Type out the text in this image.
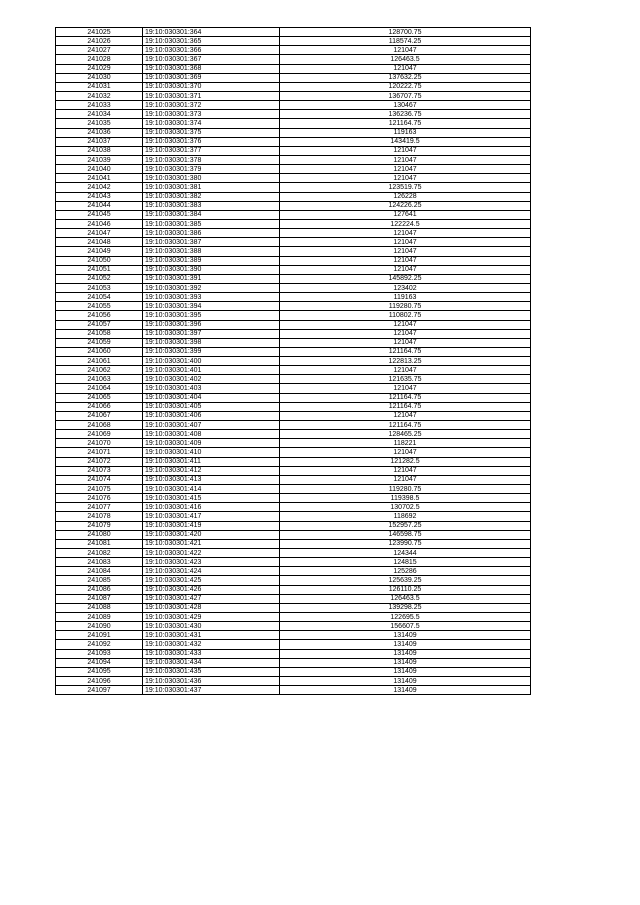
241025	19:10:030301:364	128700.75
241026	19:10:030301:365	118574.25
241027	19:10:030301:366	121047
241028	19:10:030301:367	126463.5
241029	19:10:030301:368	121047
241030	19:10:030301:369	137632.25
241031	19:10:030301:370	120222.75
241032	19:10:030301:371	136707.75
241033	19:10:030301:372	130467
241034	19:10:030301:373	136236.75
241035	19:10:030301:374	121164.75
241036	19:10:030301:375	119163
241037	19:10:030301:376	143419.5
241038	19:10:030301:377	121047
241039	19:10:030301:378	121047
241040	19:10:030301:379	121047
241041	19:10:030301:380	121047
241042	19:10:030301:381	123519.75
241043	19:10:030301:382	126228
241044	19:10:030301:383	124226.25
241045	19:10:030301:384	127641
241046	19:10:030301:385	122224.5
241047	19:10:030301:386	121047
241048	19:10:030301:387	121047
241049	19:10:030301:388	121047
241050	19:10:030301:389	121047
241051	19:10:030301:390	121047
241052	19:10:030301:391	145892.25
241053	19:10:030301:392	123402
241054	19:10:030301:393	119163
241055	19:10:030301:394	119280.75
241056	19:10:030301:395	110802.75
241057	19:10:030301:396	121047
241058	19:10:030301:397	121047
241059	19:10:030301:398	121047
241060	19:10:030301:399	121164.75
241061	19:10:030301:400	122813.25
241062	19:10:030301:401	121047
241063	19:10:030301:402	121635.75
241064	19:10:030301:403	121047
241065	19:10:030301:404	121164.75
241066	19:10:030301:405	121164.75
241067	19:10:030301:406	121047
241068	19:10:030301:407	121164.75
241069	19:10:030301:408	128465.25
241070	19:10:030301:409	118221
241071	19:10:030301:410	121047
241072	19:10:030301:411	121282.5
241073	19:10:030301:412	121047
241074	19:10:030301:413	121047
241075	19:10:030301:414	119280.75
241076	19:10:030301:415	119398.5
241077	19:10:030301:416	130702.5
241078	19:10:030301:417	118692
241079	19:10:030301:419	152957.25
241080	19:10:030301:420	146598.75
241081	19:10:030301:421	123990.75
241082	19:10:030301:422	124344
241083	19:10:030301:423	124815
241084	19:10:030301:424	125286
241085	19:10:030301:425	125639.25
241086	19:10:030301:426	126110.25
241087	19:10:030301:427	126463.5
241088	19:10:030301:428	139298.25
241089	19:10:030301:429	122695.5
241090	19:10:030301:430	156607.5
241091	19:10:030301:431	131409
241092	19:10:030301:432	131409
241093	19:10:030301:433	131409
241094	19:10:030301:434	131409
241095	19:10:030301:435	131409
241096	19:10:030301:436	131409
241097	19:10:030301:437	131409
